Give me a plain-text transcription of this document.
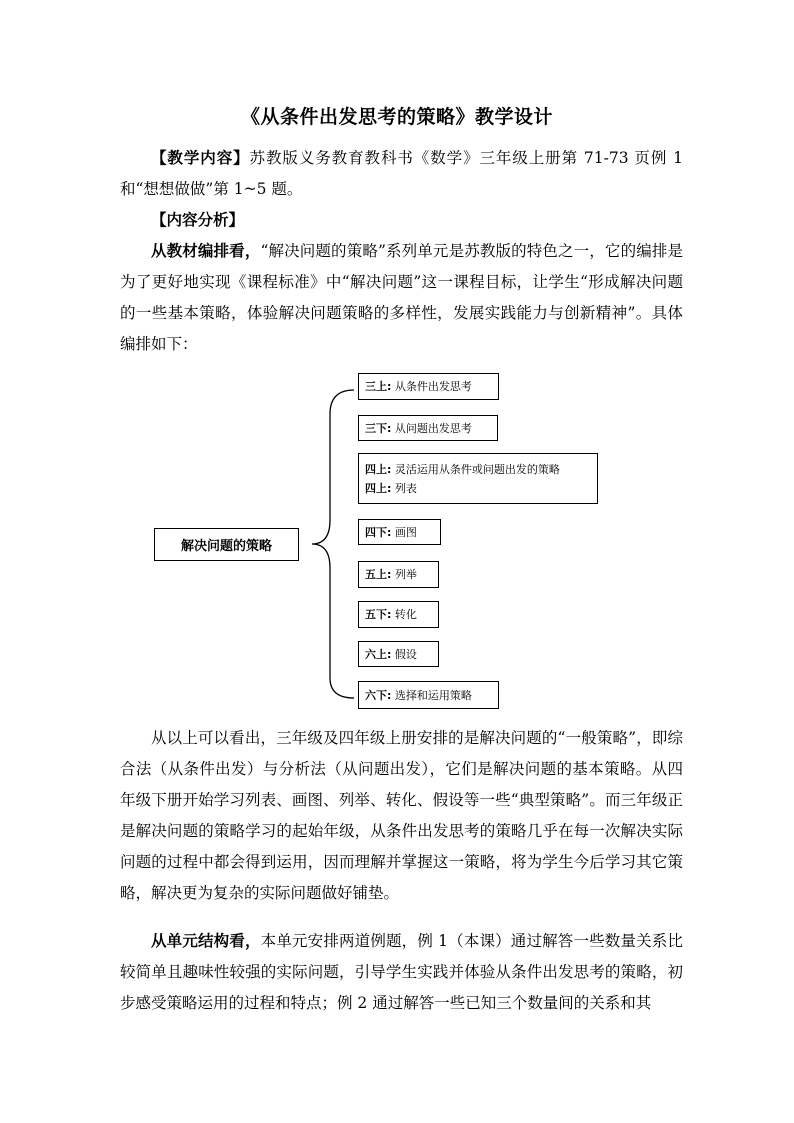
《从条件出发思考的策略》教学设计

【教学内容】苏教版义务教育教科书《数学》三年级上册第 71-73 页例 1 和“想想做做”第 1~5 题。

【内容分析】

从教材编排看，“解决问题的策略”系列单元是苏教版的特色之一，它的编排是为了更好地实现《课程标准》中“解决问题”这一课程目标，让学生“形成解决问题的一些基本策略，体验解决问题策略的多样性，发展实践能力与创新精神”。具体编排如下：

解决问题的策略
三上: 从条件出发思考
三下: 从问题出发思考
四上: 灵活运用从条件或问题出发的策略
四上: 列表
四下: 画图
五上: 列举
五下: 转化
六上: 假设
六下: 选择和运用策略

从以上可以看出，三年级及四年级上册安排的是解决问题的“一般策略”，即综合法（从条件出发）与分析法（从问题出发），它们是解决问题的基本策略。从四年级下册开始学习列表、画图、列举、转化、假设等一些“典型策略”。而三年级正是解决问题的策略学习的起始年级，从条件出发思考的策略几乎在每一次解决实际问题的过程中都会得到运用，因而理解并掌握这一策略，将为学生今后学习其它策略，解决更为复杂的实际问题做好铺垫。

从单元结构看，本单元安排两道例题，例 1（本课）通过解答一些数量关系比较简单且趣味性较强的实际问题，引导学生实践并体验从条件出发思考的策略，初步感受策略运用的过程和特点；例 2 通过解答一些已知三个数量间的关系和其
